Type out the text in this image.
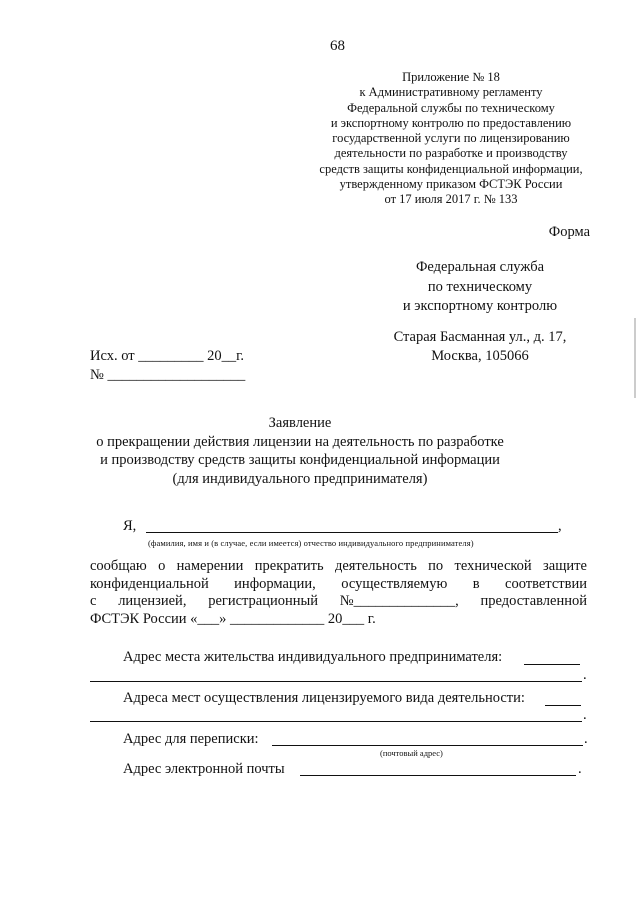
68
Приложение № 18
к Административному регламенту
Федеральной службы по техническому
и экспортному контролю по предоставлению
государственной услуги по лицензированию
деятельности по разработке и производству
средств защиты конфиденциальной информации,
утвержденному приказом ФСТЭК России
от 17 июля 2017 г. № 133
Форма
Федеральная служба
по техническому
и экспортному контролю
Старая Басманная ул., д. 17,
Москва, 105066
Исх. от _________ 20__г.
№ ___________________
Заявление
о прекращении действия лицензии на деятельность по разработке
и производству средств защиты конфиденциальной информации
(для индивидуального предпринимателя)
Я,	,
(фамилия, имя и (в случае, если имеется) отчество индивидуального предпринимателя)
сообщаю о намерении прекратить деятельность по технической защите
конфиденциальной информации, осуществляемую в соответствии
с лицензией, регистрационный №______________, предоставленной
ФСТЭК России «___» _____________ 20___ г.
Адрес места жительства индивидуального предпринимателя:
.
Адреса мест осуществления лицензируемого вида деятельности:
.
Адрес для переписки:	.
(почтовый адрес)
Адрес электронной почты	.
